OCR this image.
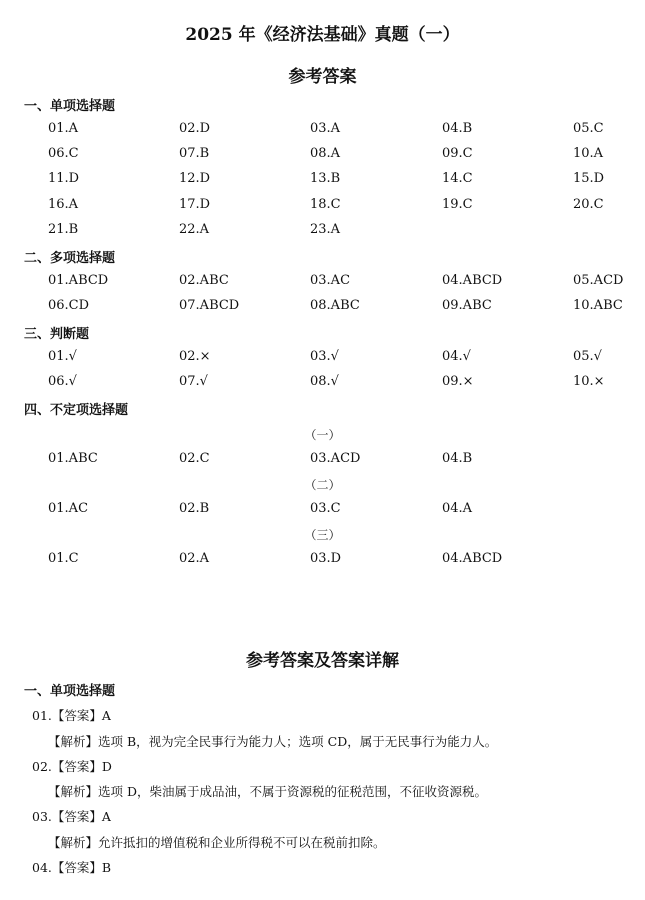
2025 年《经济法基础》真题（一）
参考答案
一、单项选择题
01.A	02.D	03.A	04.B	05.C
06.C	07.B	08.A	09.C	10.A
11.D	12.D	13.B	14.C	15.D
16.A	17.D	18.C	19.C	20.C
21.B	22.A	23.A
二、多项选择题
01.ABCD	02.ABC	03.AC	04.ABCD	05.ACD
06.CD	07.ABCD	08.ABC	09.ABC	10.ABC
三、判断题
01.√	02.×	03.√	04.√	05.√
06.√	07.√	08.√	09.×	10.×
四、不定项选择题
（一）
01.ABC	02.C	03.ACD	04.B
（二）
01.AC	02.B	03.C	04.A
（三）
01.C	02.A	03.D	04.ABCD
参考答案及答案详解
一、单项选择题
01.【答案】A
【解析】选项 B，视为完全民事行为能力人；选项 CD，属于无民事行为能力人。
02.【答案】D
【解析】选项 D，柴油属于成品油，不属于资源税的征税范围，不征收资源税。
03.【答案】A
【解析】允许抵扣的增值税和企业所得税不可以在税前扣除。
04.【答案】B
